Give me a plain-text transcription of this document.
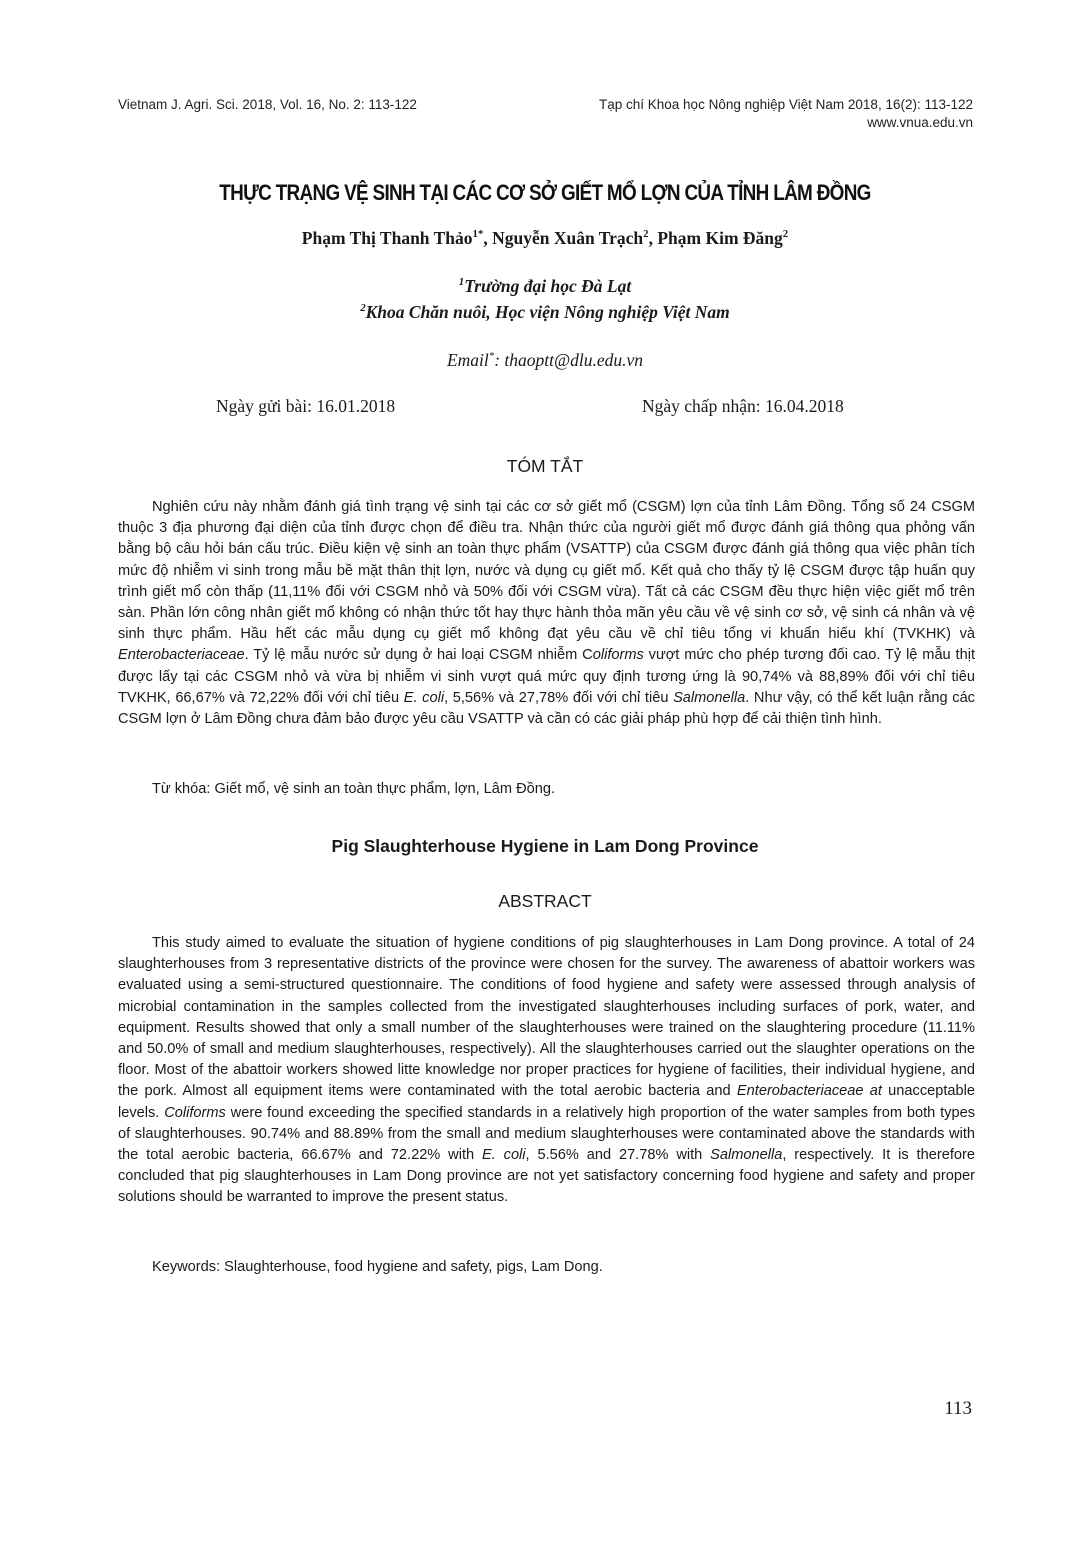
Vietnam J. Agri. Sci. 2018, Vol. 16, No. 2: 113-122	Tạp chí Khoa học Nông nghiệp Việt Nam 2018, 16(2): 113-122
www.vnua.edu.vn
THỰC TRẠNG VỆ SINH TẠI CÁC CƠ SỞ GIẾT MỔ LỢN CỦA TỈNH LÂM ĐỒNG
Phạm Thị Thanh Thảo$^{1*}$, Nguyễn Xuân Trạch$^2$, Phạm Kim Đăng$^2$
$^1$Trường đại học Đà Lạt
$^2$Khoa Chăn nuôi, Học viện Nông nghiệp Việt Nam
Email*: thaoptt@dlu.edu.vn
Ngày gửi bài: 16.01.2018	Ngày chấp nhận: 16.04.2018
TÓM TẮT
Nghiên cứu này nhằm đánh giá tình trạng vệ sinh tại các cơ sở giết mổ (CSGM) lợn của tỉnh Lâm Đồng. Tổng số 24 CSGM thuộc 3 địa phương đại diện của tỉnh được chọn để điều tra. Nhận thức của người giết mổ được đánh giá thông qua phỏng vấn bằng bộ câu hỏi bán cấu trúc. Điều kiện vệ sinh an toàn thực phẩm (VSATTP) của CSGM được đánh giá thông qua việc phân tích mức độ nhiễm vi sinh trong mẫu bề mặt thân thịt lợn, nước và dụng cụ giết mổ. Kết quả cho thấy tỷ lệ CSGM được tập huấn quy trình giết mổ còn thấp (11,11% đối với CSGM nhỏ và 50% đối với CSGM vừa). Tất cả các CSGM đều thực hiện việc giết mổ trên sàn. Phần lớn công nhân giết mổ không có nhận thức tốt hay thực hành thỏa mãn yêu cầu về vệ sinh cơ sở, vệ sinh cá nhân và vệ sinh thực phẩm. Hầu hết các mẫu dụng cụ giết mổ không đạt yêu cầu về chỉ tiêu tổng vi khuẩn hiếu khí (TVKHK) và Enterobacteriaceae. Tỷ lệ mẫu nước sử dụng ở hai loại CSGM nhiễm Coliforms vượt mức cho phép tương đối cao. Tỷ lệ mẫu thịt được lấy tại các CSGM nhỏ và vừa bị nhiễm vi sinh vượt quá mức quy định tương ứng là 90,74% và 88,89% đối với chỉ tiêu TVKHK, 66,67% và 72,22% đối với chỉ tiêu E. coli, 5,56% và 27,78% đối với chỉ tiêu Salmonella. Như vậy, có thể kết luận rằng các CSGM lợn ở Lâm Đồng chưa đảm bảo được yêu cầu VSATTP và cần có các giải pháp phù hợp để cải thiện tình hình.
Từ khóa: Giết mổ, vệ sinh an toàn thực phẩm, lợn, Lâm Đồng.
Pig Slaughterhouse Hygiene in Lam Dong Province
ABSTRACT
This study aimed to evaluate the situation of hygiene conditions of pig slaughterhouses in Lam Dong province. A total of 24 slaughterhouses from 3 representative districts of the province were chosen for the survey. The awareness of abattoir workers was evaluated using a semi-structured questionnaire. The conditions of food hygiene and safety were assessed through analysis of microbial contamination in the samples collected from the investigated slaughterhouses including surfaces of pork, water, and equipment. Results showed that only a small number of the slaughterhouses were trained on the slaughtering procedure (11.11% and 50.0% of small and medium slaughterhouses, respectively). All the slaughterhouses carried out the slaughter operations on the floor. Most of the abattoir workers showed litte knowledge nor proper practices for hygiene of facilities, their individual hygiene, and the pork. Almost all equipment items were contaminated with the total aerobic bacteria and Enterobacteriaceae at unacceptable levels. Coliforms were found exceeding the specified standards in a relatively high proportion of the water samples from both types of slaughterhouses. 90.74% and 88.89% from the small and medium slaughterhouses were contaminated above the standards with the total aerobic bacteria, 66.67% and 72.22% with E. coli, 5.56% and 27.78% with Salmonella, respectively. It is therefore concluded that pig slaughterhouses in Lam Dong province are not yet satisfactory concerning food hygiene and safety and proper solutions should be warranted to improve the present status.
Keywords: Slaughterhouse, food hygiene and safety, pigs, Lam Dong.
113
